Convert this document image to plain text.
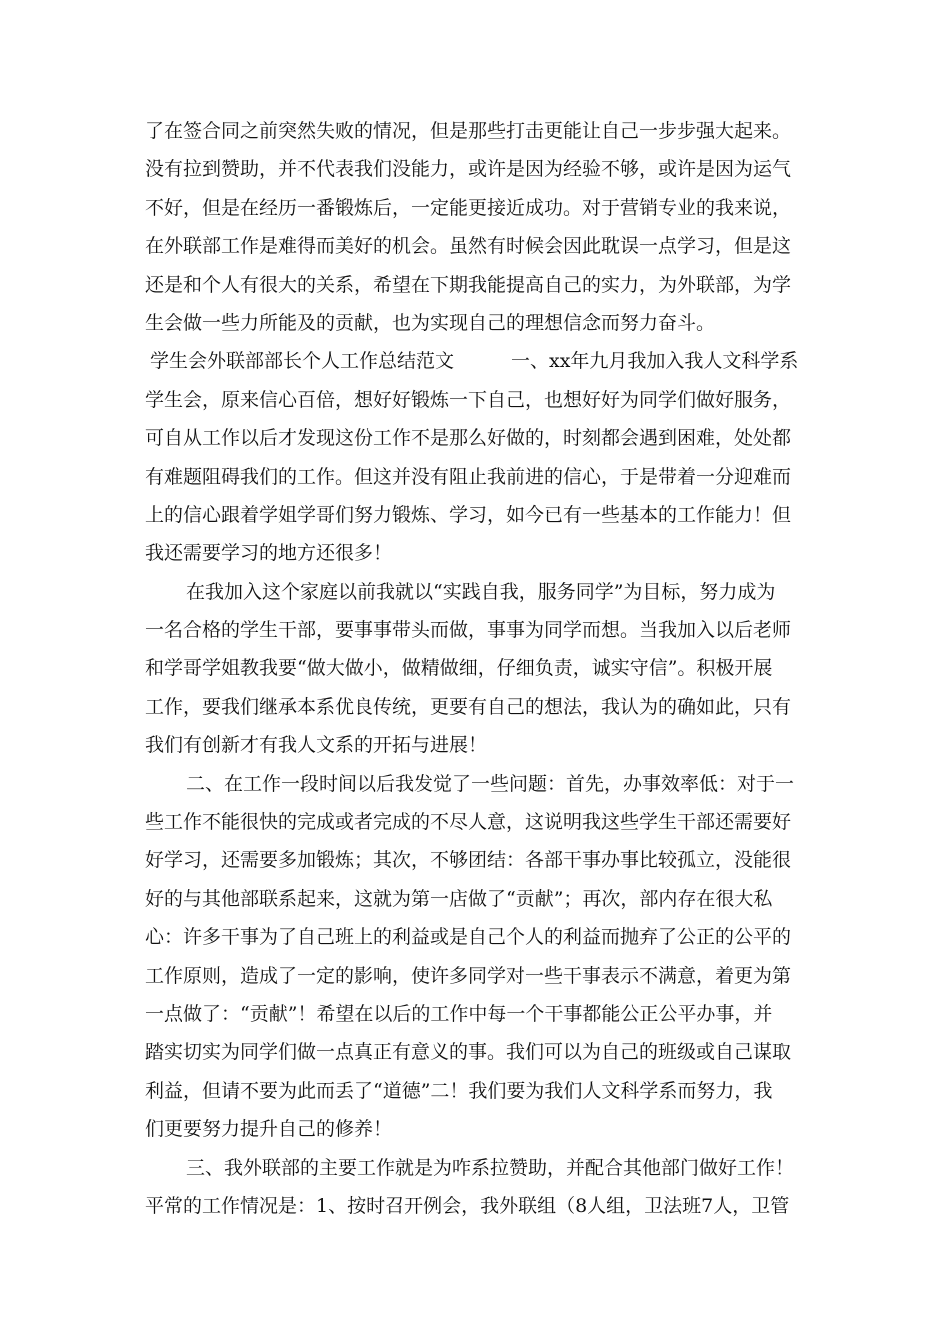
了在签合同之前突然失败的情况，但是那些打击更能让自己一步步强大起来。
没有拉到赞助，并不代表我们没能力，或许是因为经验不够，或许是因为运气
不好，但是在经历一番锻炼后，一定能更接近成功。对于营销专业的我来说，
在外联部工作是难得而美好的机会。虽然有时候会因此耽误一点学习，但是这
还是和个人有很大的关系，希望在下期我能提高自己的实力，为外联部，为学
生会做一些力所能及的贡献，也为实现自己的理想信念而努力奋斗。
学生会外联部部长个人工作总结范文　　　一、xx年九月我加入我人文科学系
学生会，原来信心百倍，想好好锻炼一下自己，也想好好为同学们做好服务，
可自从工作以后才发现这份工作不是那么好做的，时刻都会遇到困难，处处都
有难题阻碍我们的工作。但这并没有阻止我前进的信心，于是带着一分迎难而
上的信心跟着学姐学哥们努力锻炼、学习，如今已有一些基本的工作能力！但
我还需要学习的地方还很多！
在我加入这个家庭以前我就以“实践自我，服务同学”为目标，努力成为
一名合格的学生干部，要事事带头而做，事事为同学而想。当我加入以后老师
和学哥学姐教我要“做大做小，做精做细，仔细负责，诚实守信”。积极开展
工作，要我们继承本系优良传统，更要有自己的想法，我认为的确如此，只有
我们有创新才有我人文系的开拓与进展！
二、在工作一段时间以后我发觉了一些问题：首先，办事效率低：对于一
些工作不能很快的完成或者完成的不尽人意，这说明我这些学生干部还需要好
好学习，还需要多加锻炼；其次，不够团结：各部干事办事比较孤立，没能很
好的与其他部联系起来，这就为第一店做了“贡献”；再次，部内存在很大私
心：许多干事为了自己班上的利益或是自己个人的利益而抛弃了公正的公平的
工作原则，造成了一定的影响，使许多同学对一些干事表示不满意，着更为第
一点做了：“贡献”！希望在以后的工作中每一个干事都能公正公平办事，并
踏实切实为同学们做一点真正有意义的事。我们可以为自己的班级或自己谋取
利益，但请不要为此而丢了“道德”二！我们要为我们人文科学系而努力，我
们更要努力提升自己的修养！
三、我外联部的主要工作就是为咋系拉赞助，并配合其他部门做好工作！
平常的工作情况是：1、按时召开例会，我外联组（8人组，卫法班7人，卫管
